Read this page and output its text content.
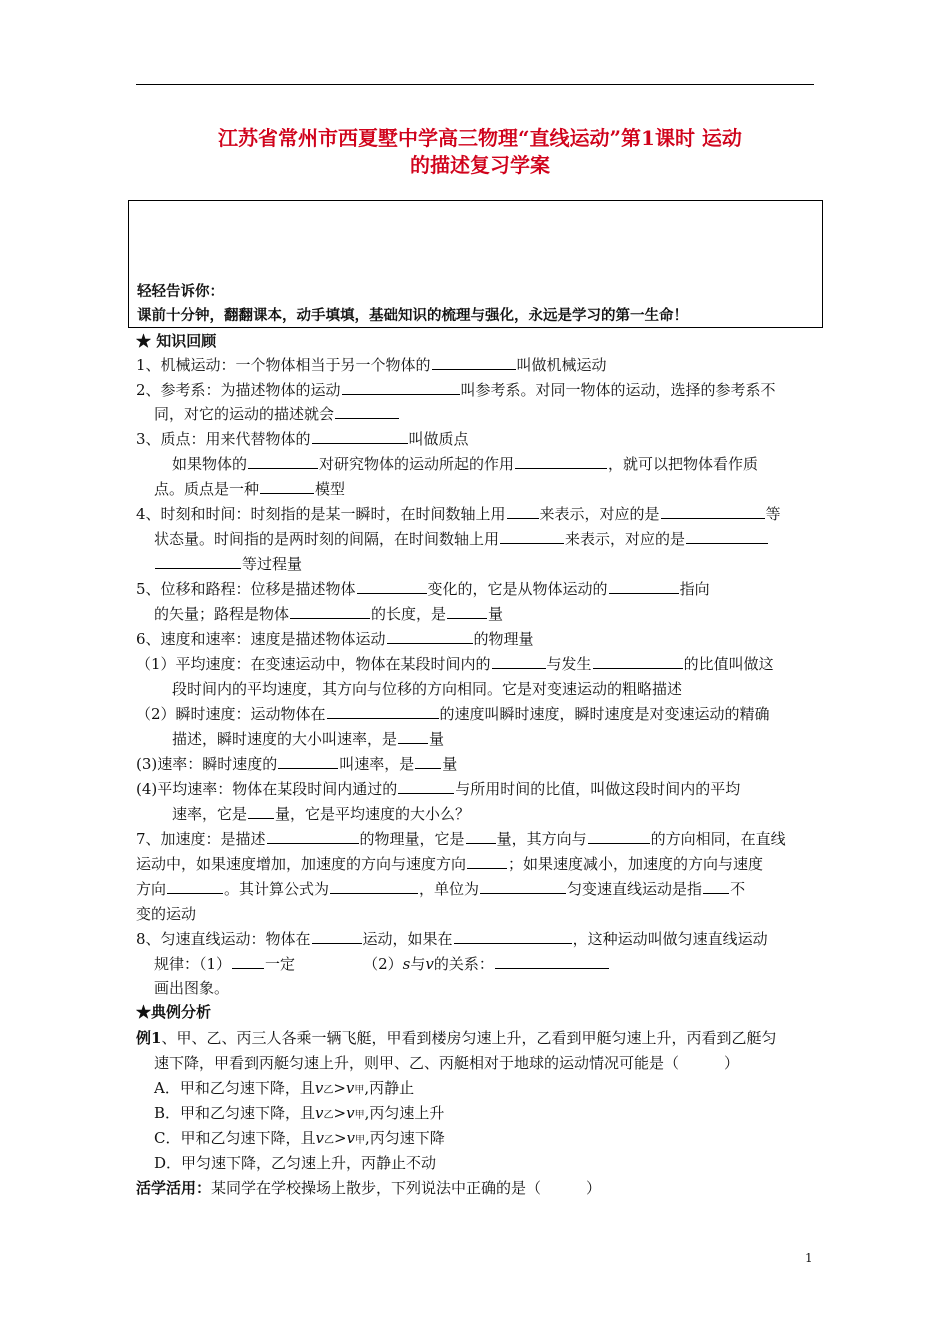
江苏省常州市西夏墅中学高三物理“直线运动”第1课时 运动
的描述复习学案
轻轻告诉你：
课前十分钟，翻翻课本，动手填填，基础知识的梳理与强化，永远是学习的第一生命！
★ 知识回顾
1、机械运动：一个物体相当于另一个物体的	叫做机械运动
2、参考系：为描述物体的运动	叫参考系。对同一物体的运动，选择的参考系不
同，对它的运动的描述就会
3、质点：用来代替物体的	叫做质点
如果物体的	对研究物体的运动所起的作用	，就可以把物体看作质
点。质点是一种	模型
4、时刻和时间：时刻指的是某一瞬时，在时间数轴上用 来表示，对应的是	等
状态量。时间指的是两时刻的间隔，在时间数轴上用	来表示，对应的是
等过程量
5、位移和路程：位移是描述物体	变化的，它是从物体运动的	指向
的矢量；路程是物体	的长度，是	量
6、速度和速率：速度是描述物体运动	的物理量
（1）平均速度：在变速运动中，物体在某段时间内的	与发生	的比值叫做这
段时间内的平均速度，其方向与位移的方向相同。它是对变速运动的粗略描述
（2）瞬时速度：运动物体在	的速度叫瞬时速度，瞬时速度是对变速运动的精确
描述，瞬时速度的大小叫速率，是 量
(3)速率：瞬时速度的	叫速率，是 量
(4)平均速率：物体在某段时间内通过的	与所用时间的比值，叫做这段时间内的平均
速率，它是 量，它是平均速度的大小么？
7、加速度：是描述	的物理量，它是 量，其方向与	的方向相同，在直线
运动中，如果速度增加，加速度的方向与速度方向	；如果速度减小，加速度的方向与速度
方向	。其计算公式为	，单位为	匀变速直线运动是指 不
变的运动
8、匀速直线运动：物体在	运动，如果在	，这种运动叫做匀速直线运动
规律：（1） 一定	（2）s与v的关系：
画出图象。
★典例分析
例1、甲、乙、丙三人各乘一辆飞艇，甲看到楼房匀速上升，乙看到甲艇匀速上升，丙看到乙艇匀
速下降，甲看到丙艇匀速上升，则甲、乙、丙艇相对于地球的运动情况可能是（　　　）
A．甲和乙匀速下降，且v乙>v甲,丙静止
B．甲和乙匀速下降，且v乙>v甲,丙匀速上升
C．甲和乙匀速下降，且v乙>v甲,丙匀速下降
D．甲匀速下降，乙匀速上升，丙静止不动
活学活用：某同学在学校操场上散步，下列说法中正确的是（　　　）
1
